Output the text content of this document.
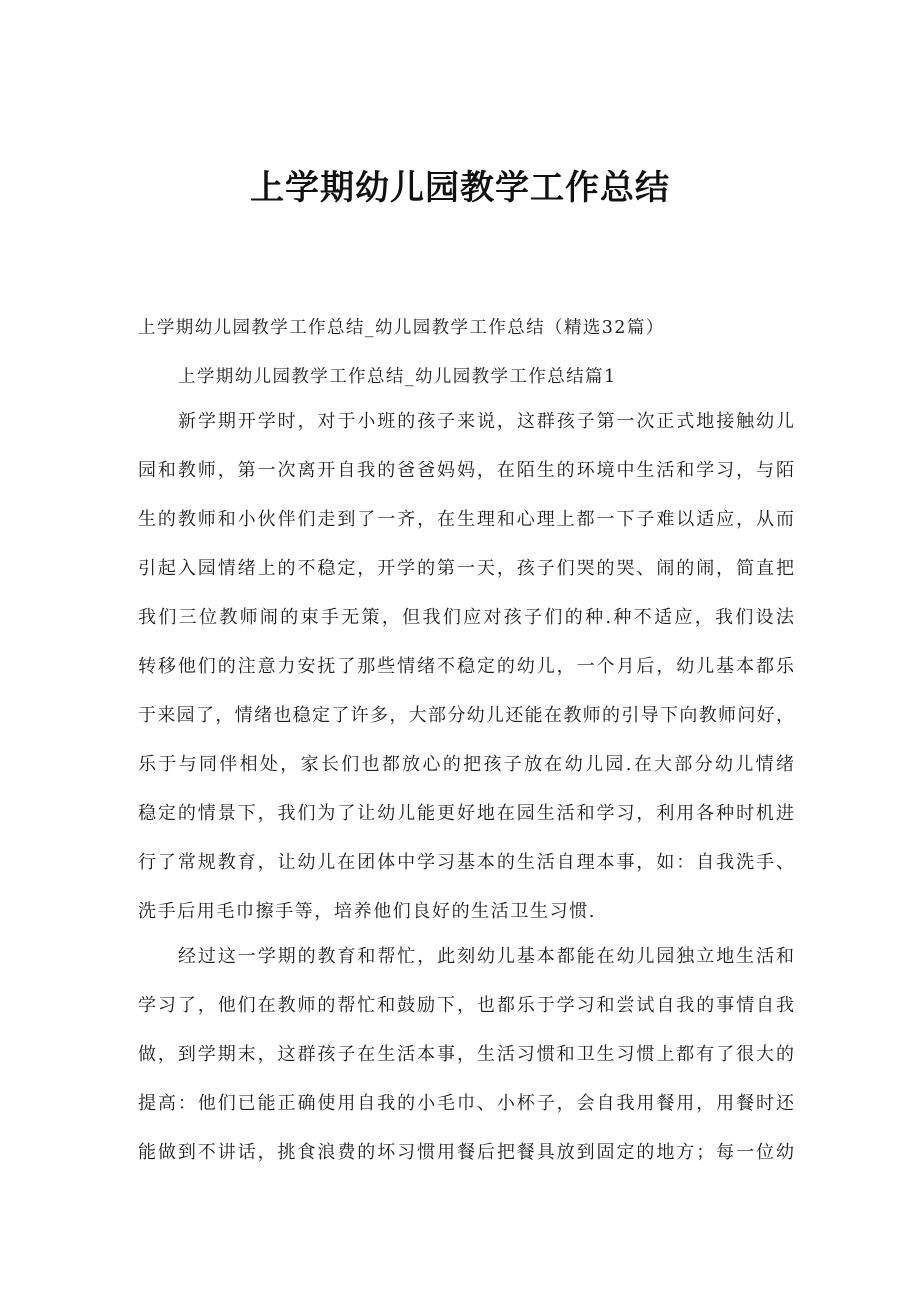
上学期幼儿园教学工作总结
上学期幼儿园教学工作总结_幼儿园教学工作总结（精选32篇）
上学期幼儿园教学工作总结_幼儿园教学工作总结篇1
新学期开学时，对于小班的孩子来说，这群孩子第一次正式地接触幼儿
园和教师，第一次离开自我的爸爸妈妈，在陌生的环境中生活和学习，与陌
生的教师和小伙伴们走到了一齐，在生理和心理上都一下子难以适应，从而
引起入园情绪上的不稳定，开学的第一天，孩子们哭的哭、闹的闹，简直把
我们三位教师闹的束手无策，但我们应对孩子们的种.种不适应，我们设法
转移他们的注意力安抚了那些情绪不稳定的幼儿，一个月后，幼儿基本都乐
于来园了，情绪也稳定了许多，大部分幼儿还能在教师的引导下向教师问好，
乐于与同伴相处，家长们也都放心的把孩子放在幼儿园.在大部分幼儿情绪
稳定的情景下，我们为了让幼儿能更好地在园生活和学习，利用各种时机进
行了常规教育，让幼儿在团体中学习基本的生活自理本事，如：自我洗手、
洗手后用毛巾擦手等，培养他们良好的生活卫生习惯.
经过这一学期的教育和帮忙，此刻幼儿基本都能在幼儿园独立地生活和
学习了，他们在教师的帮忙和鼓励下，也都乐于学习和尝试自我的事情自我
做，到学期末，这群孩子在生活本事，生活习惯和卫生习惯上都有了很大的
提高：他们已能正确使用自我的小毛巾、小杯子，会自我用餐用，用餐时还
能做到不讲话，挑食浪费的坏习惯用餐后把餐具放到固定的地方；每一位幼
